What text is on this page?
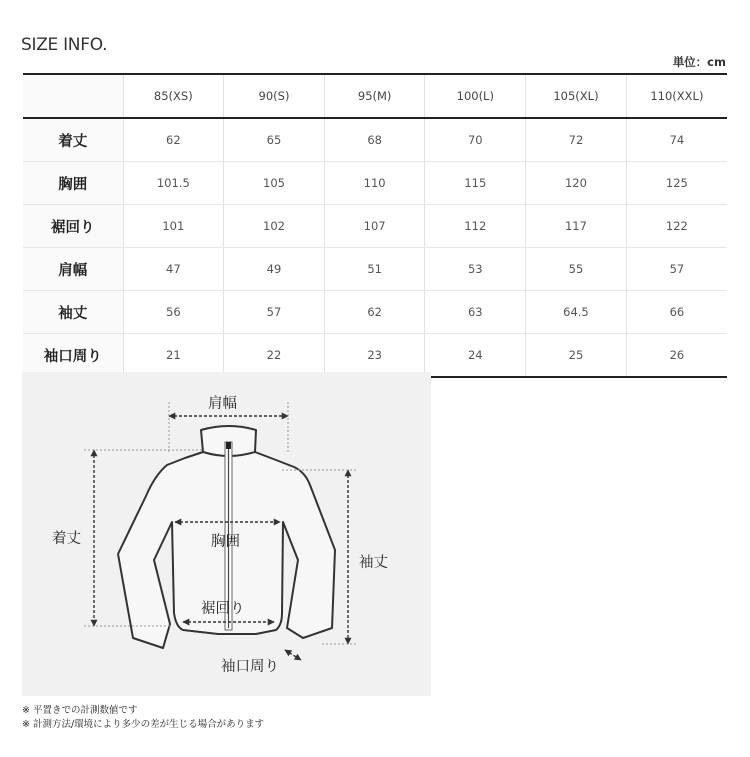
SIZE INFO.
単位：cm
	85(XS)	90(S)	95(M)	100(L)	105(XL)	110(XXL)
着丈	62	65	68	70	72	74
胸囲	101.5	105	110	115	120	125
裾回り	101	102	107	112	117	122
肩幅	47	49	51	53	55	57
袖丈	56	57	62	63	64.5	66
袖口周り	21	22	23	24	25	26
肩幅
着丈	胸囲
裾回り
袖丈
袖口周り
※ 平置きでの計測数値です
※ 計測方法/環境により多少の差が生じる場合があります
